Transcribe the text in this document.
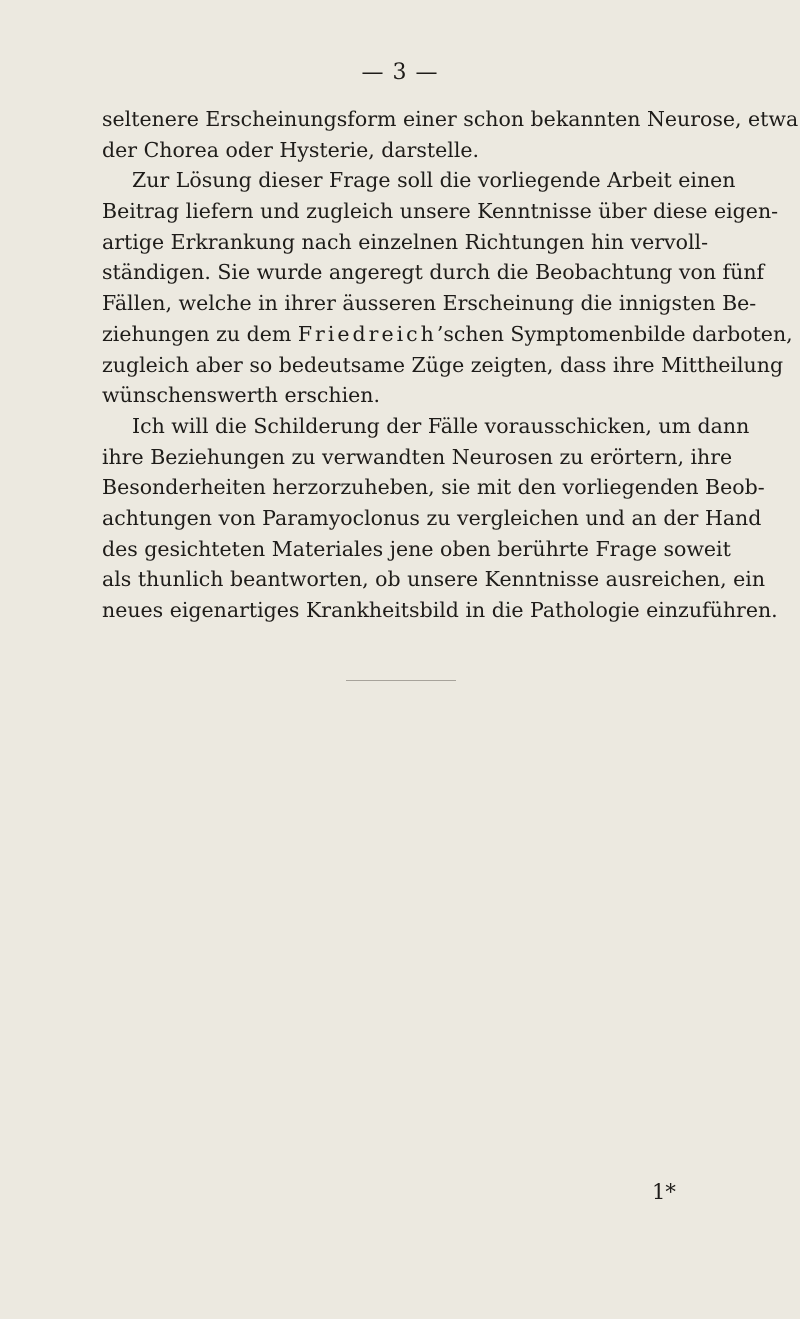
— 3 —
seltenere Erscheinungsform einer schon bekannten Neurose, etwa
der Chorea oder Hysterie, darstelle.
Zur Lösung dieser Frage soll die vorliegende Arbeit einen
Beitrag liefern und zugleich unsere Kenntnisse über diese eigen-
artige Erkrankung nach einzelnen Richtungen hin vervoll-
ständigen. Sie wurde angeregt durch die Beobachtung von fünf
Fällen, welche in ihrer äusseren Erscheinung die innigsten Be-
ziehungen zu dem Friedreich’schen Symptomenbilde darboten,
zugleich aber so bedeutsame Züge zeigten, dass ihre Mittheilung
wünschenswerth erschien.
Ich will die Schilderung der Fälle vorausschicken, um dann
ihre Beziehungen zu verwandten Neurosen zu erörtern, ihre
Besonderheiten herzorzuheben, sie mit den vorliegenden Beob-
achtungen von Paramyoclonus zu vergleichen und an der Hand
des gesichteten Materiales jene oben berührte Frage soweit
als thunlich beantworten, ob unsere Kenntnisse ausreichen, ein
neues eigenartiges Krankheitsbild in die Pathologie einzuführen.
1*
